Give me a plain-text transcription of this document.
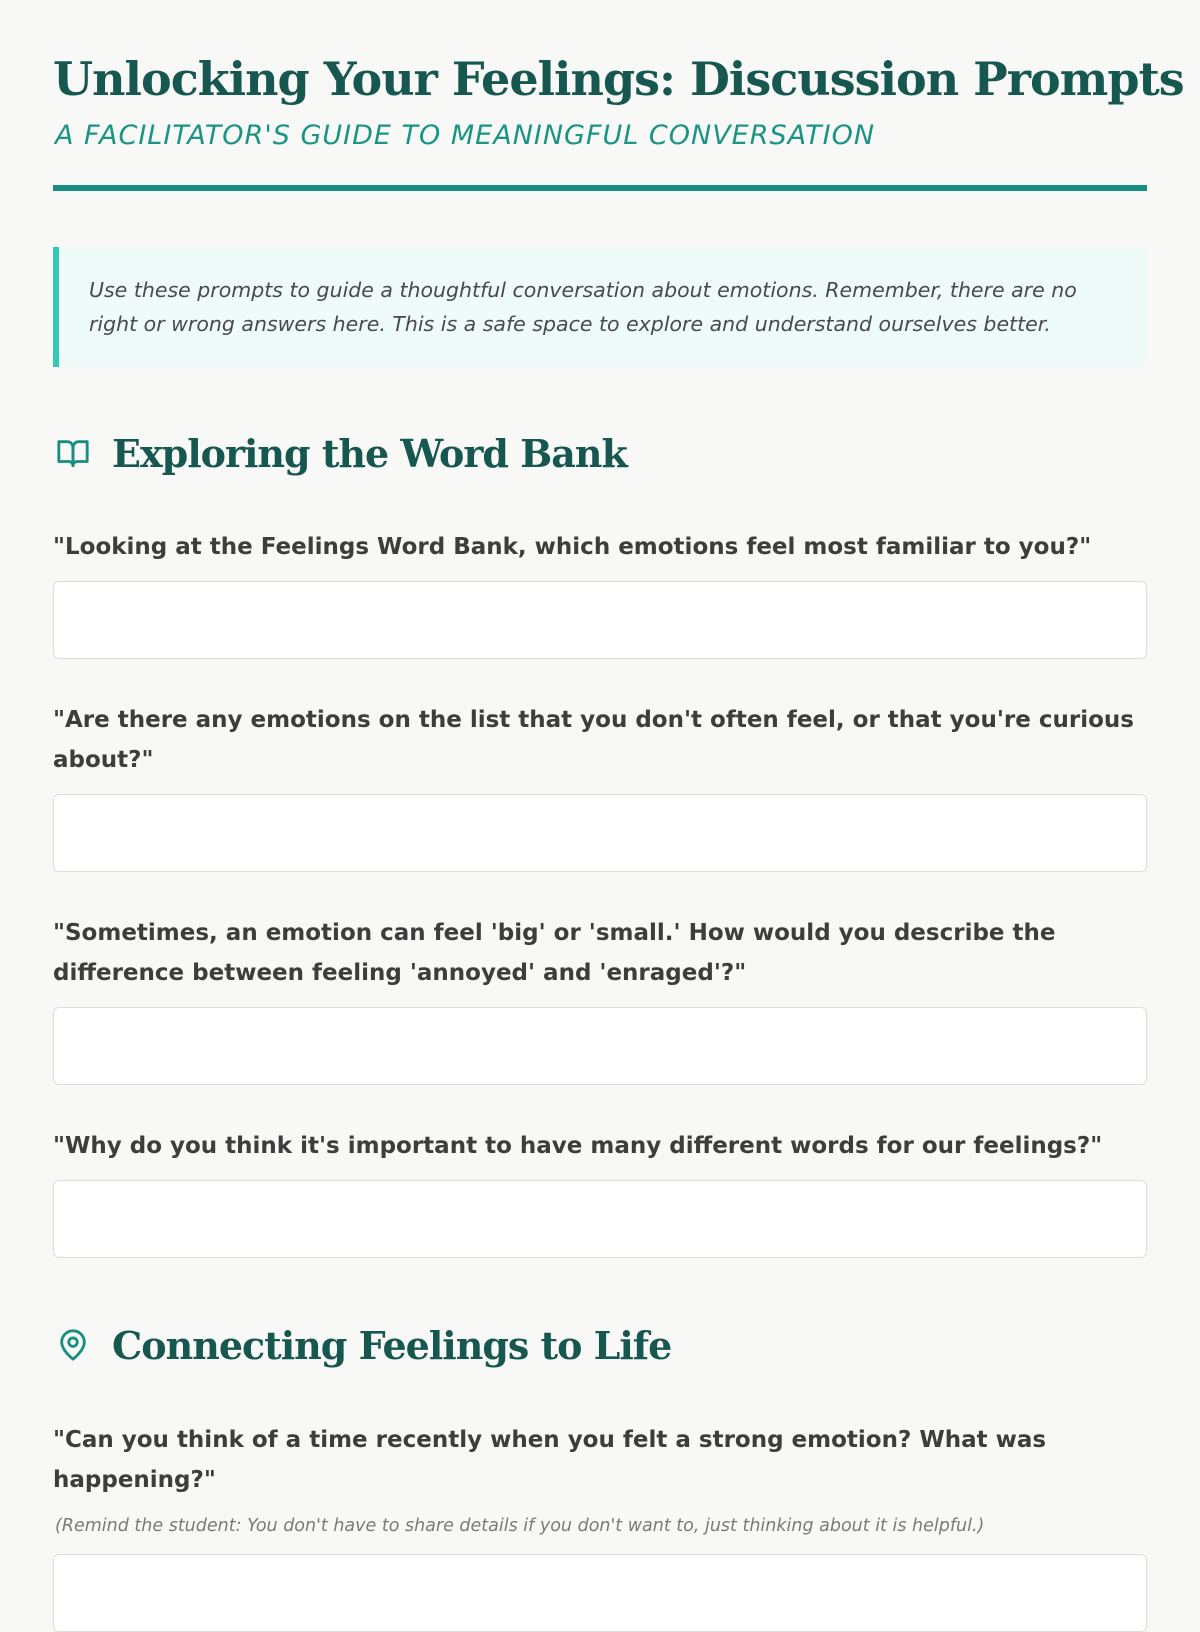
Unlocking Your Feelings: Discussion Prompts

A FACILITATOR'S GUIDE TO MEANINGFUL CONVERSATION

Use these prompts to guide a thoughtful conversation about emotions. Remember, there are no right or wrong answers here. This is a safe space to explore and understand ourselves better.

Exploring the Word Bank

"Looking at the Feelings Word Bank, which emotions feel most familiar to you?"

"Are there any emotions on the list that you don't often feel, or that you're curious about?"

"Sometimes, an emotion can feel 'big' or 'small.' How would you describe the difference between feeling 'annoyed' and 'enraged'?"

"Why do you think it's important to have many different words for our feelings?"

Connecting Feelings to Life

"Can you think of a time recently when you felt a strong emotion? What was happening?"

(Remind the student: You don't have to share details if you don't want to, just thinking about it is helpful.)
